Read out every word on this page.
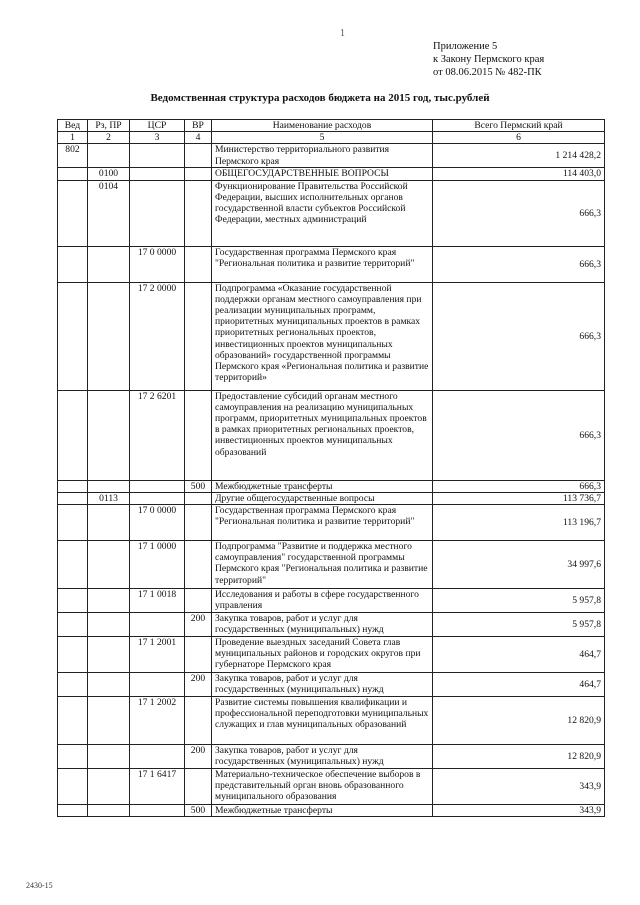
1
Приложение 5
к Закону Пермского края
от 08.06.2015 № 482-ПК
Ведомственная структура расходов бюджета на 2015 год, тыс.рублей
Вед	Рз, ПР	ЦСР	ВР	Наименование расходов	Всего Пермский край
1	2	3	4	5	6
802				Министерство территориального развития Пермского края	1 214 428,2
	0100			ОБЩЕГОСУДАРСТВЕННЫЕ ВОПРОСЫ	114 403,0
	0104			Функционирование Правительства Российской Федерации, высших исполнительных органов государственной власти субъектов Российской Федерации, местных администраций	666,3
		17 0 0000		Государственная программа Пермского края "Региональная политика и развитие территорий"	666,3
		17 2 0000		Подпрограмма «Оказание государственной поддержки органам местного самоуправления при реализации муниципальных программ, приоритетных муниципальных проектов в рамках приоритетных региональных проектов, инвестиционных проектов муниципальных образований» государственной программы Пермского края «Региональная политика и развитие территорий»	666,3
		17 2 6201		Предоставление субсидий органам местного самоуправления на реализацию муниципальных программ, приоритетных муниципальных проектов в рамках приоритетных региональных проектов, инвестиционных проектов муниципальных образований	666,3
			500	Межбюджетные трансферты	666,3
	0113			Другие общегосударственные вопросы	113 736,7
		17 0 0000		Государственная программа Пермского края "Региональная политика и развитие территорий"	113 196,7
		17 1 0000		Подпрограмма "Развитие и поддержка местного самоуправления" государственной программы Пермского края "Региональная политика и развитие территорий"	34 997,6
		17 1 0018		Исследования и работы в сфере государственного управления	5 957,8
			200	Закупка товаров, работ и услуг для государственных (муниципальных) нужд	5 957,8
		17 1 2001		Проведение выездных заседаний Совета глав муниципальных районов и городских округов при губернаторе Пермского края	464,7
			200	Закупка товаров, работ и услуг для государственных (муниципальных) нужд	464,7
		17 1 2002		Развитие системы повышения квалификации и профессиональной переподготовки муниципальных служащих и глав муниципальных образований	12 820,9
			200	Закупка товаров, работ и услуг для государственных (муниципальных) нужд	12 820,9
		17 1 6417		Материально-техническое обеспечение выборов в представительный орган вновь образованного муниципального образования	343,9
			500	Межбюджетные трансферты	343,9
2430-15
